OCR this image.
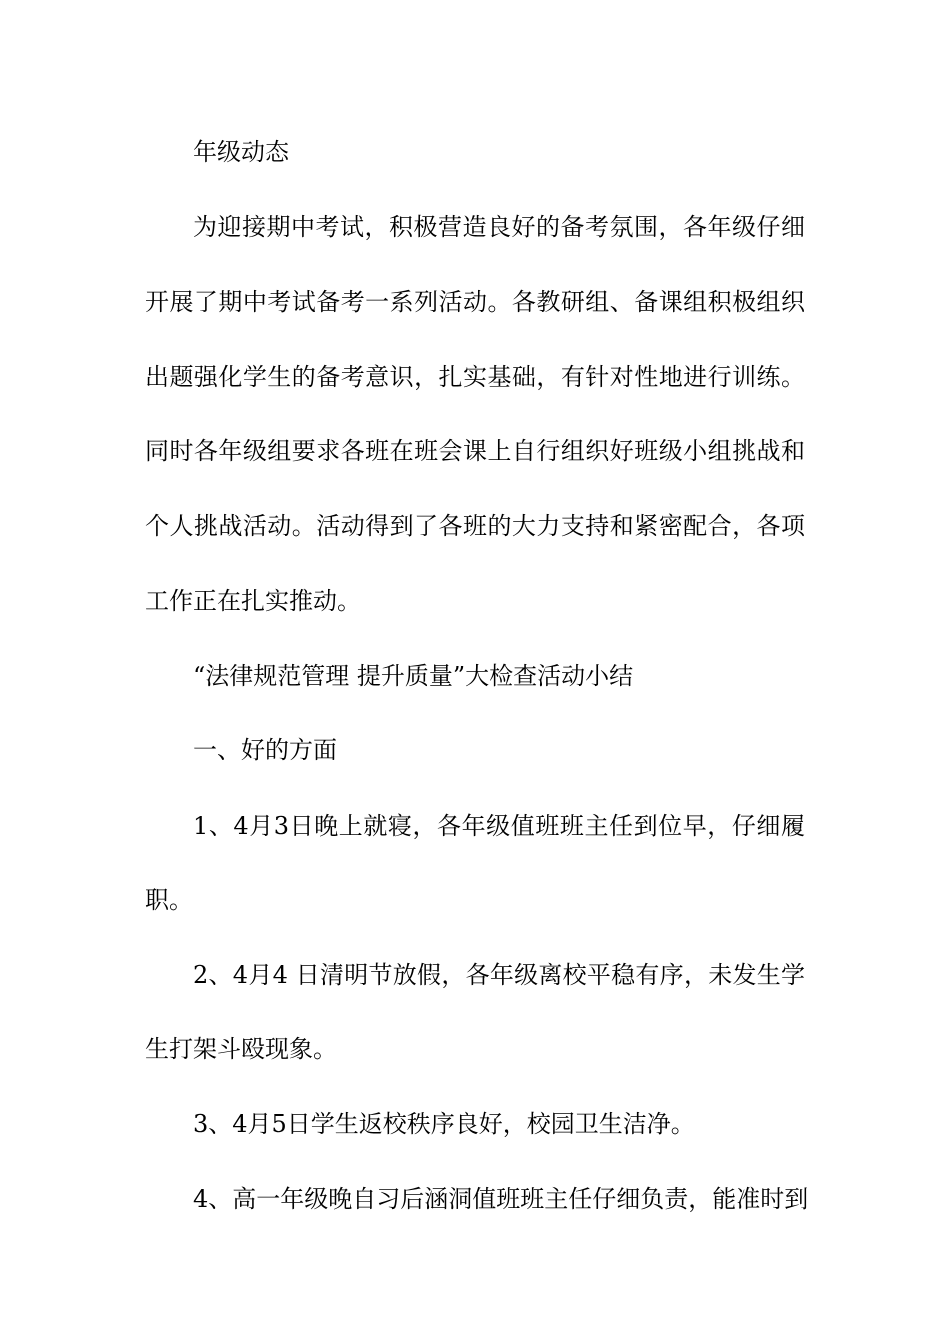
年级动态
为迎接期中考试，积极营造良好的备考氛围，各年级仔细
开展了期中考试备考一系列活动。各教研组、备课组积极组织
出题强化学生的备考意识，扎实基础，有针对性地进行训练。
同时各年级组要求各班在班会课上自行组织好班级小组挑战和
个人挑战活动。活动得到了各班的大力支持和紧密配合，各项
工作正在扎实推动。
“法律规范管理 提升质量”大检查活动小结
一、好的方面
1、4月3日晚上就寝，各年级值班班主任到位早，仔细履
职。
2、4月4 日清明节放假，各年级离校平稳有序，未发生学
生打架斗殴现象。
3、4月5日学生返校秩序良好，校园卫生洁净。
4、高一年级晚自习后涵洞值班班主任仔细负责，能准时到
